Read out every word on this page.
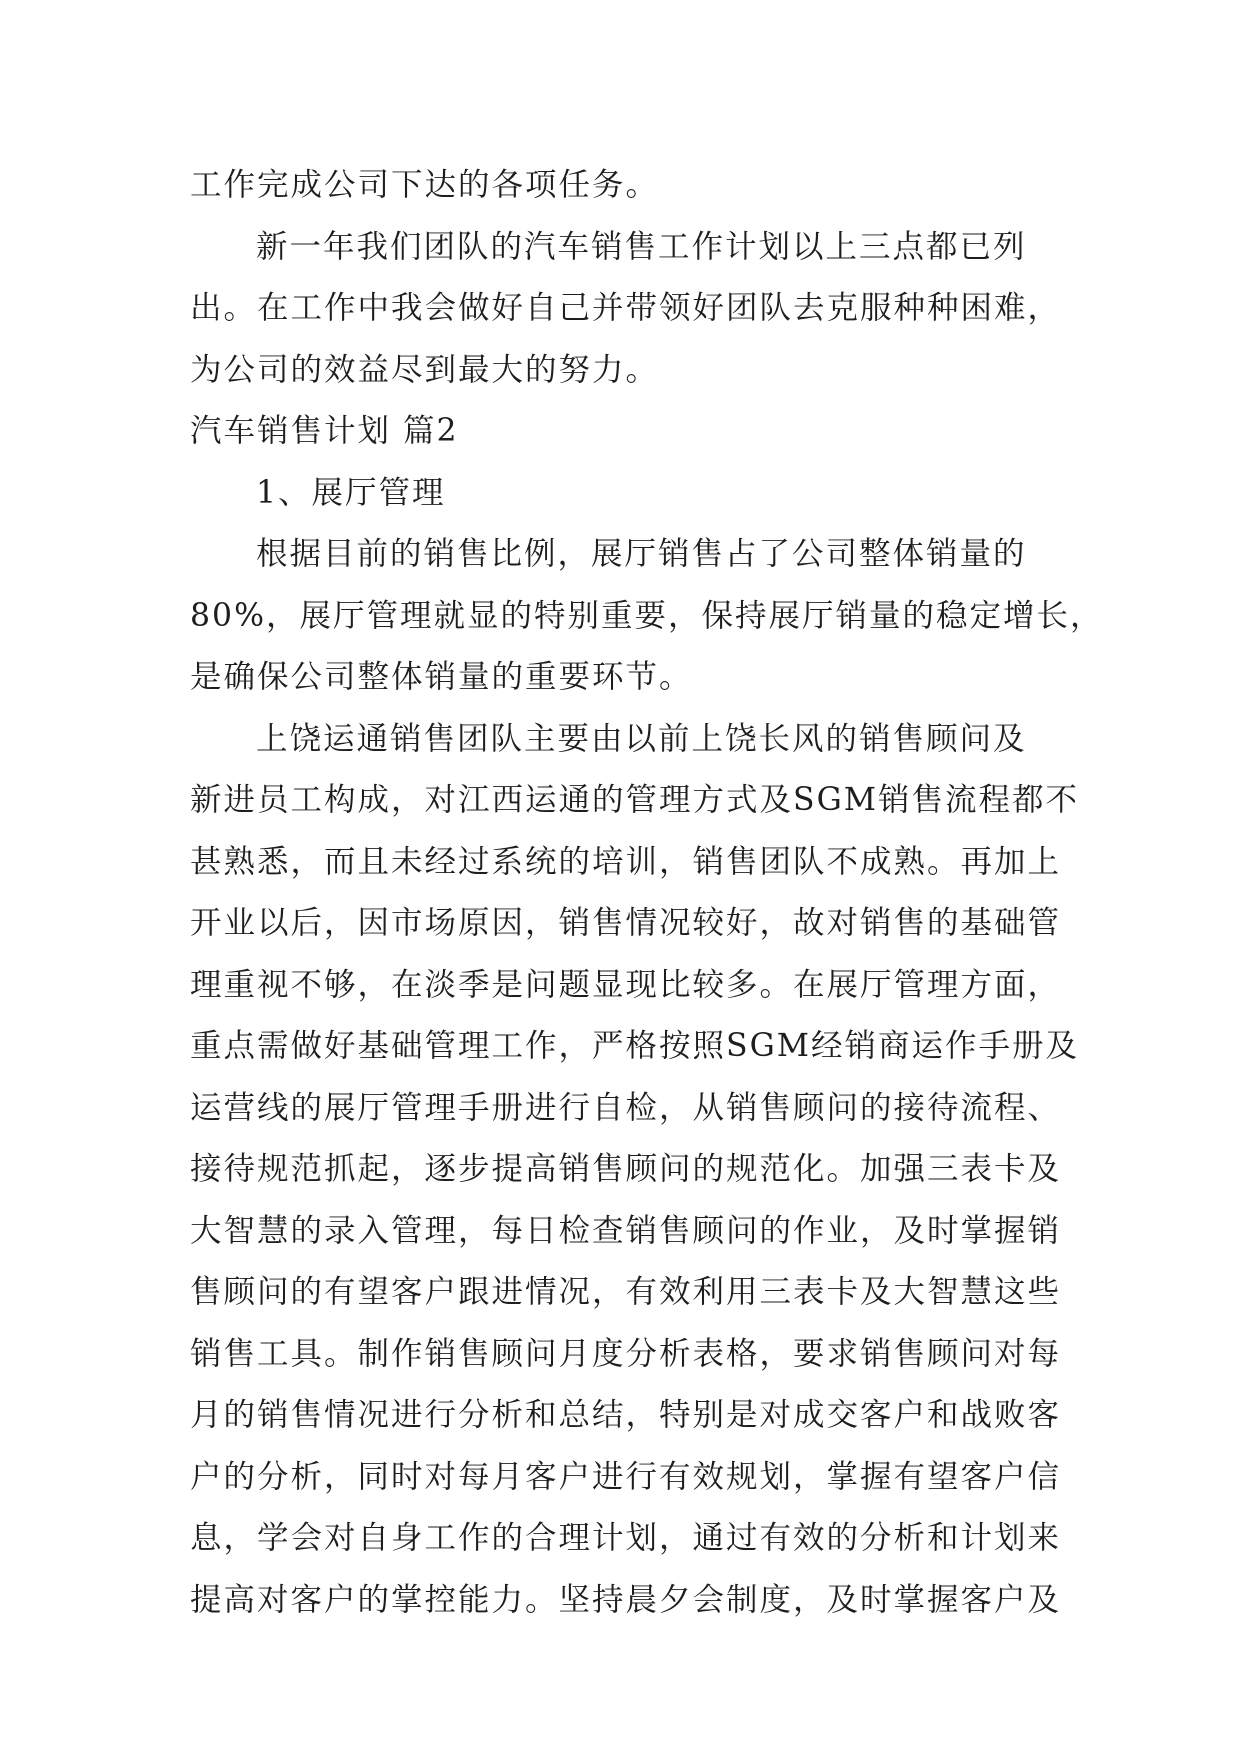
工作完成公司下达的各项任务。
新一年我们团队的汽车销售工作计划以上三点都已列
出。在工作中我会做好自己并带领好团队去克服种种困难，
为公司的效益尽到最大的努力。
汽车销售计划 篇2
1、展厅管理
根据目前的销售比例，展厅销售占了公司整体销量的
80%，展厅管理就显的特别重要，保持展厅销量的稳定增长，
是确保公司整体销量的重要环节。
上饶运通销售团队主要由以前上饶长风的销售顾问及
新进员工构成，对江西运通的管理方式及SGM销售流程都不
甚熟悉，而且未经过系统的培训，销售团队不成熟。再加上
开业以后，因市场原因，销售情况较好，故对销售的基础管
理重视不够，在淡季是问题显现比较多。在展厅管理方面，
重点需做好基础管理工作，严格按照SGM经销商运作手册及
运营线的展厅管理手册进行自检，从销售顾问的接待流程、
接待规范抓起，逐步提高销售顾问的规范化。加强三表卡及
大智慧的录入管理，每日检查销售顾问的作业，及时掌握销
售顾问的有望客户跟进情况，有效利用三表卡及大智慧这些
销售工具。制作销售顾问月度分析表格，要求销售顾问对每
月的销售情况进行分析和总结，特别是对成交客户和战败客
户的分析，同时对每月客户进行有效规划，掌握有望客户信
息，学会对自身工作的合理计划，通过有效的分析和计划来
提高对客户的掌控能力。坚持晨夕会制度，及时掌握客户及
